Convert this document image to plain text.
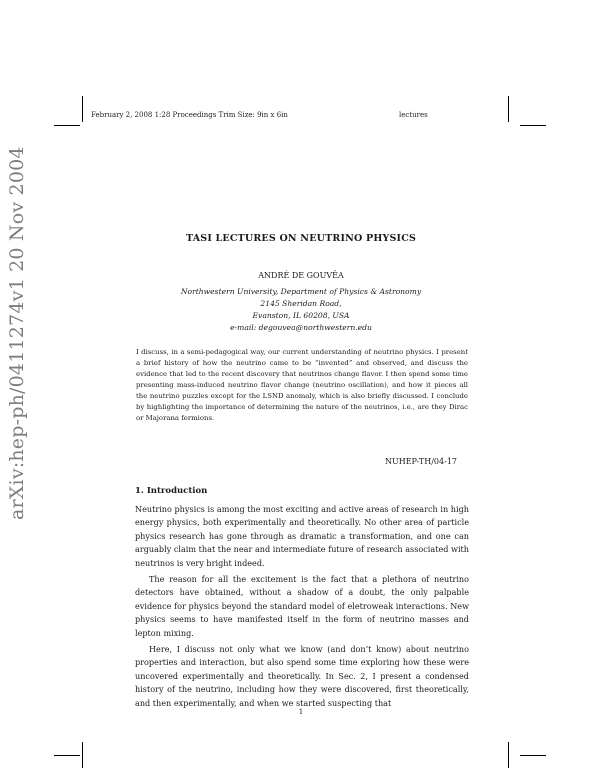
arXiv:hep-ph/0411274v1 20 Nov 2004
February 2, 2008 1:28 Proceedings Trim Size: 9in x 6in	lectures
TASI LECTURES ON NEUTRINO PHYSICS
ANDRÉ DE GOUVÊA
Northwestern University, Department of Physics & Astronomy
2145 Sheridan Road,
Evanston, IL 60208, USA
e-mail: degouvea@northwestern.edu
I discuss, in a semi-pedagogical way, our current understanding of neutrino physics. I present a brief history of how the neutrino came to be “invented” and observed, and discuss the evidence that led to the recent discovery that neutrinos change flavor. I then spend some time presenting mass-induced neutrino flavor change (neutrino oscillation), and how it pieces all the neutrino puzzles except for the LSND anomaly, which is also briefly discussed. I conclude by highlighting the importance of determining the nature of the neutrinos, i.e., are they Dirac or Majorana fermions.
NUHEP-TH/04-17
1. Introduction

Neutrino physics is among the most exciting and active areas of research in high energy physics, both experimentally and theoretically. No other area of particle physics research has gone through as dramatic a transformation, and one can arguably claim that the near and intermediate future of research associated with neutrinos is very bright indeed.

The reason for all the excitement is the fact that a plethora of neutrino detectors have obtained, without a shadow of a doubt, the only palpable evidence for physics beyond the standard model of eletroweak interactions. New physics seems to have manifested itself in the form of neutrino masses and lepton mixing.

Here, I discuss not only what we know (and don’t know) about neutrino properties and interaction, but also spend some time exploring how these were uncovered experimentally and theoretically. In Sec. 2, I present a condensed history of the neutrino, including how they were discovered, first theoretically, and then experimentally, and when we started suspecting that

1
